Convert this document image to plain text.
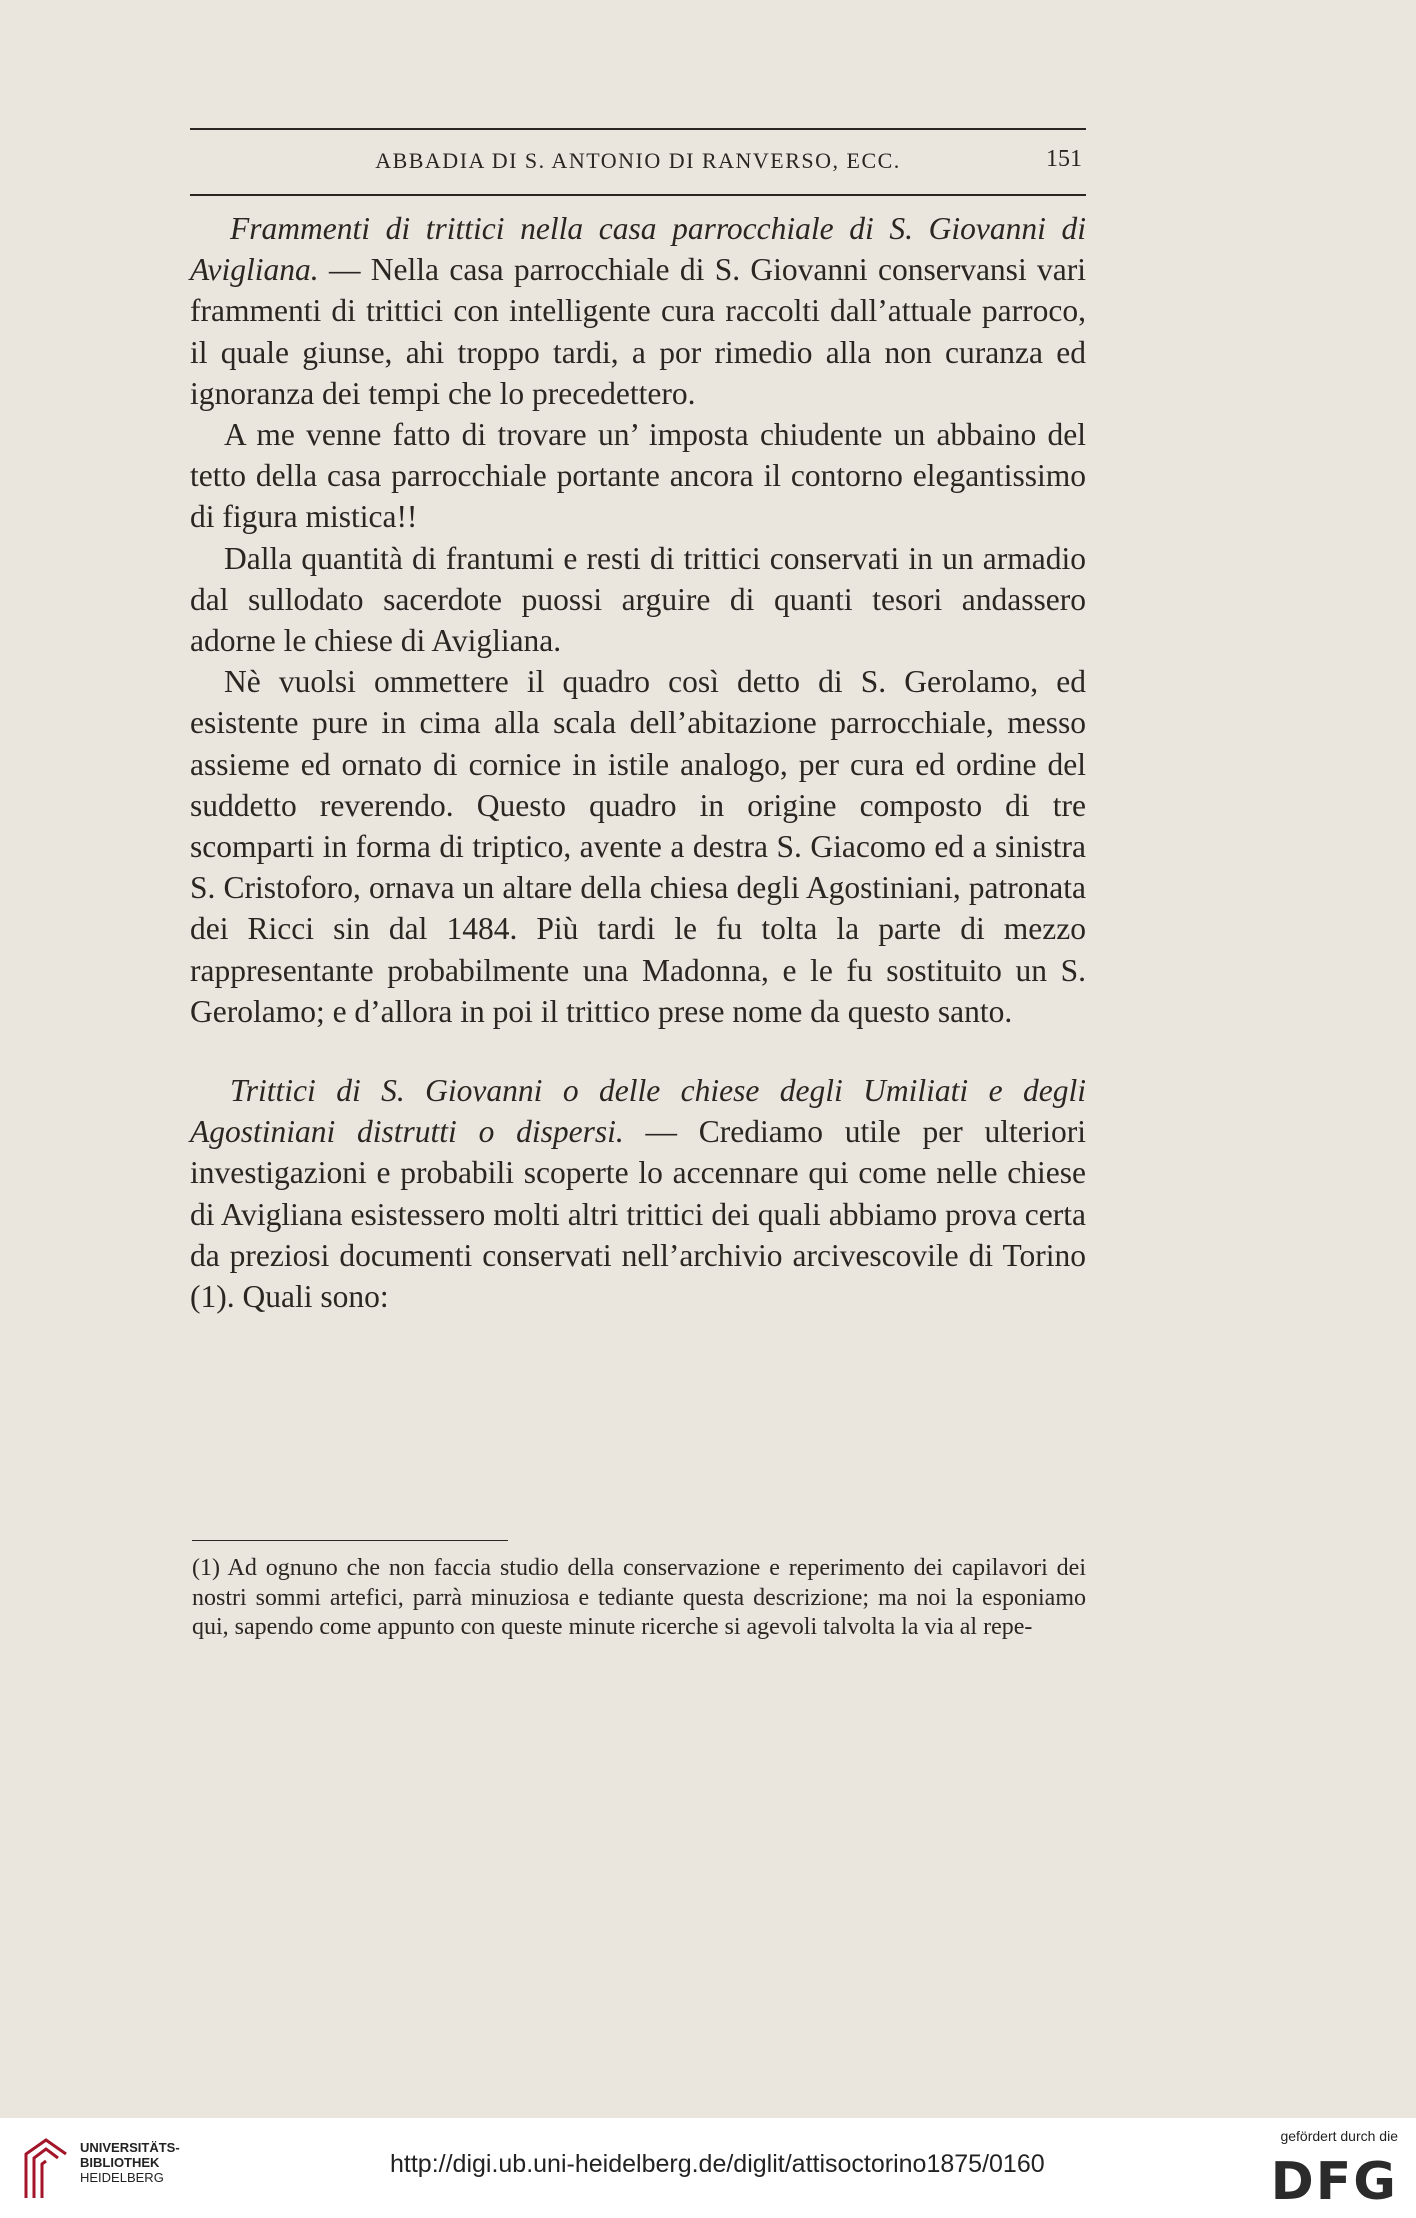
ABBADIA DI S. ANTONIO DI RANVERSO, ECC.	151

Frammenti di trittici nella casa parrocchiale di S. Giovanni di Avigliana. — Nella casa parrocchiale di S. Giovanni conservansi vari frammenti di trittici con intelligente cura raccolti dall’attuale parroco, il quale giunse, ahi troppo tardi, a por rimedio alla non curanza ed ignoranza dei tempi che lo precedettero.

A me venne fatto di trovare un’ imposta chiudente un abbaino del tetto della casa parrocchiale portante ancora il contorno elegantissimo di figura mistica!!

Dalla quantità di frantumi e resti di trittici conservati in un armadio dal sullodato sacerdote puossi arguire di quanti tesori andassero adorne le chiese di Avigliana.

Nè vuolsi ommettere il quadro così detto di S. Gerolamo, ed esistente pure in cima alla scala dell’abitazione parrocchiale, messo assieme ed ornato di cornice in istile analogo, per cura ed ordine del suddetto reverendo. Questo quadro in origine composto di tre scomparti in forma di triptico, avente a destra S. Giacomo ed a sinistra S. Cristoforo, ornava un altare della chiesa degli Agostiniani, patronata dei Ricci sin dal 1484. Più tardi le fu tolta la parte di mezzo rappresentante probabilmente una Madonna, e le fu sostituito un S. Gerolamo; e d’allora in poi il trittico prese nome da questo santo.

Trittici di S. Giovanni o delle chiese degli Umiliati e degli Agostiniani distrutti o dispersi. — Crediamo utile per ulteriori investigazioni e probabili scoperte lo accennare qui come nelle chiese di Avigliana esistessero molti altri trittici dei quali abbiamo prova certa da preziosi documenti conservati nell’archivio arcivescovile di Torino (1). Quali sono:

(1) Ad ognuno che non faccia studio della conservazione e reperimento dei capilavori dei nostri sommi artefici, parrà minuziosa e tediante questa descrizione; ma noi la esponiamo qui, sapendo come appunto con queste minute ricerche si agevoli talvolta la via al repe-
UNIVERSITÄTS-
BIBLIOTHEK
HEIDELBERG	http://digi.ub.uni-heidelberg.de/diglit/attisoctorino1875/0160
gefördert durch die
DFG
